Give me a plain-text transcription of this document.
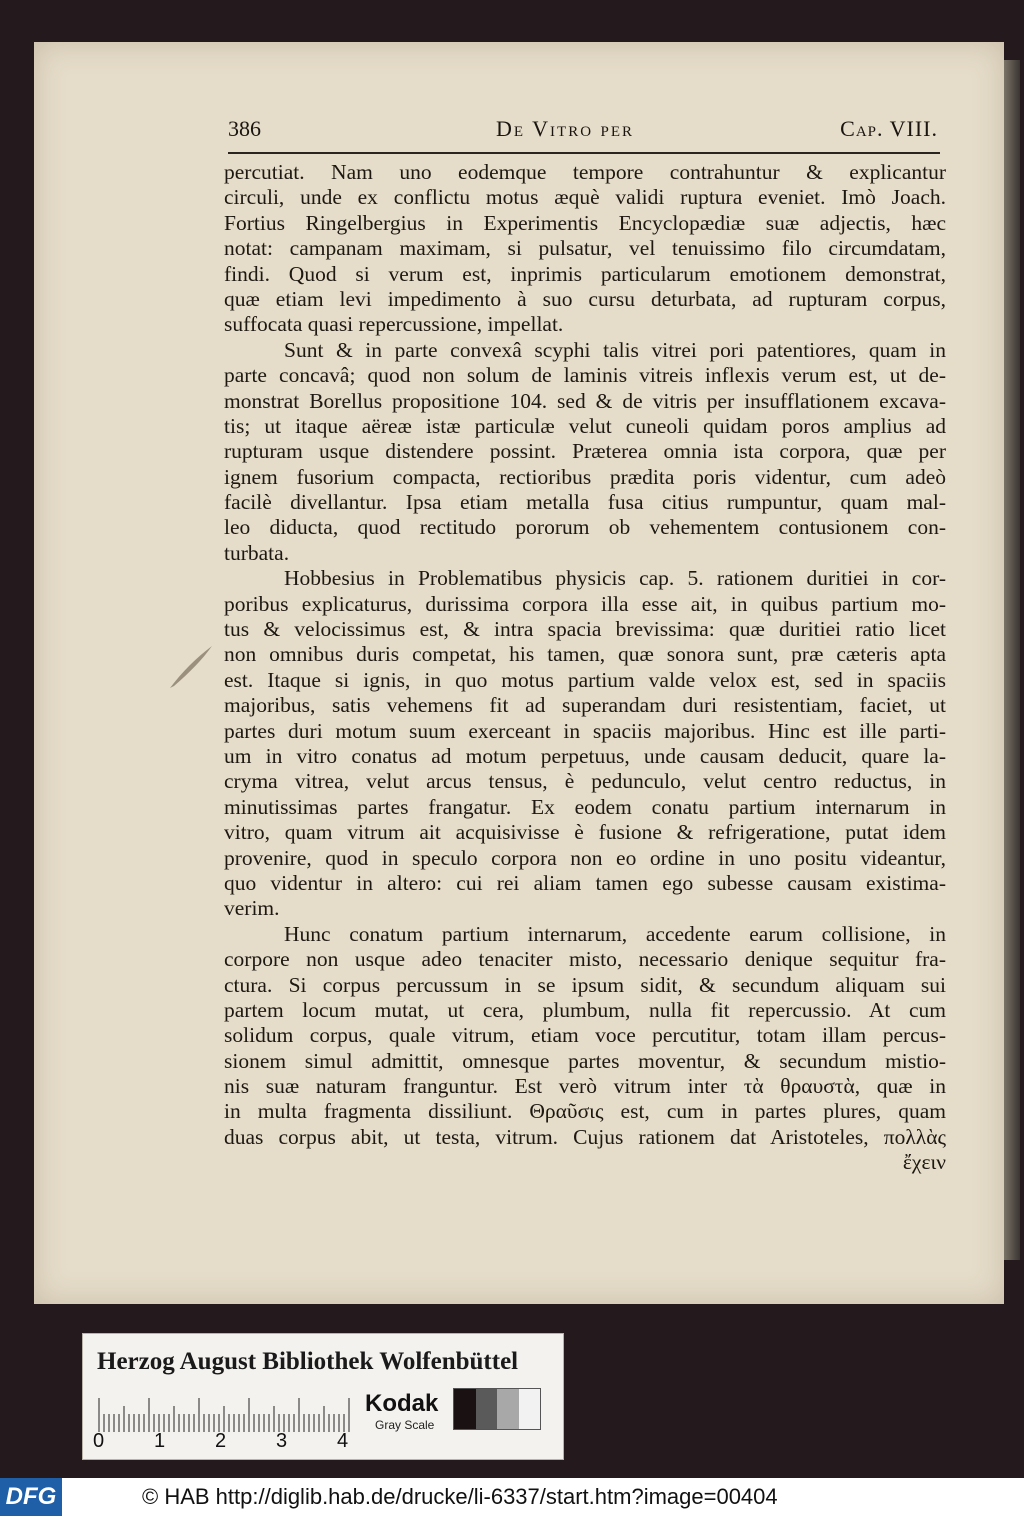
386	De Vitro per	Cap. VIII.
percutiat. Nam uno eodemque tempore contrahuntur & explicantur
circuli, unde ex conflictu motus æquè validi ruptura eveniet. Imò Joach.
Fortius Ringelbergius in Experimentis Encyclopædiæ suæ adjectis, hæc
notat: campanam maximam, si pulsatur, vel tenuissimo filo circumdatam,
findi. Quod si verum est, inprimis particularum emotionem demonstrat,
quæ etiam levi impedimento à suo cursu deturbata, ad rupturam corpus,
suffocata quasi repercussione, impellat.
Sunt & in parte convexâ scyphi talis vitrei pori patentiores, quam in
parte concavâ; quod non solum de laminis vitreis inflexis verum est, ut de-
monstrat Borellus propositione 104. sed & de vitris per insufflationem excava-
tis; ut itaque aëreæ istæ particulæ velut cuneoli quidam poros amplius ad
rupturam usque distendere possint. Præterea omnia ista corpora, quæ per
ignem fusorium compacta, rectioribus prædita poris videntur, cum adeò
facilè divellantur. Ipsa etiam metalla fusa citius rumpuntur, quam mal-
leo diducta, quod rectitudo pororum ob vehementem contusionem con-
turbata.
Hobbesius in Problematibus physicis cap. 5. rationem duritiei in cor-
poribus explicaturus, durissima corpora illa esse ait, in quibus partium mo-
tus & velocissimus est, & intra spacia brevissima: quæ duritiei ratio licet
non omnibus duris competat, his tamen, quæ sonora sunt, præ cæteris apta
est. Itaque si ignis, in quo motus partium valde velox est, sed in spaciis
majoribus, satis vehemens fit ad superandam duri resistentiam, faciet, ut
partes duri motum suum exerceant in spaciis majoribus. Hinc est ille parti-
um in vitro conatus ad motum perpetuus, unde causam deducit, quare la-
cryma vitrea, velut arcus tensus, è pedunculo, velut centro reductus, in
minutissimas partes frangatur. Ex eodem conatu partium internarum in
vitro, quam vitrum ait acquisivisse è fusione & refrigeratione, putat idem
provenire, quod in speculo corpora non eo ordine in uno positu videantur,
quo videntur in altero: cui rei aliam tamen ego subesse causam existima-
verim.
Hunc conatum partium internarum, accedente earum collisione, in
corpore non usque adeo tenaciter misto, necessario denique sequitur fra-
ctura. Si corpus percussum in se ipsum sidit, & secundum aliquam sui
partem locum mutat, ut cera, plumbum, nulla fit repercussio. At cum
solidum corpus, quale vitrum, etiam voce percutitur, totam illam percus-
sionem simul admittit, omnesque partes moventur, & secundum mistio-
nis suæ naturam franguntur. Est verò vitrum inter τὰ θραυστὰ, quæ in
in multa fragmenta dissiliunt. Θραῦσις est, cum in partes plures, quam
duas corpus abit, ut testa, vitrum. Cujus rationem dat Aristoteles, πολλὰς
ἔχειν
Herzog August Bibliothek Wolfenbüttel
0 1 2 3 4
Kodak
Gray Scale
DFG	© HAB http://diglib.hab.de/drucke/li-6337/start.htm?image=00404
